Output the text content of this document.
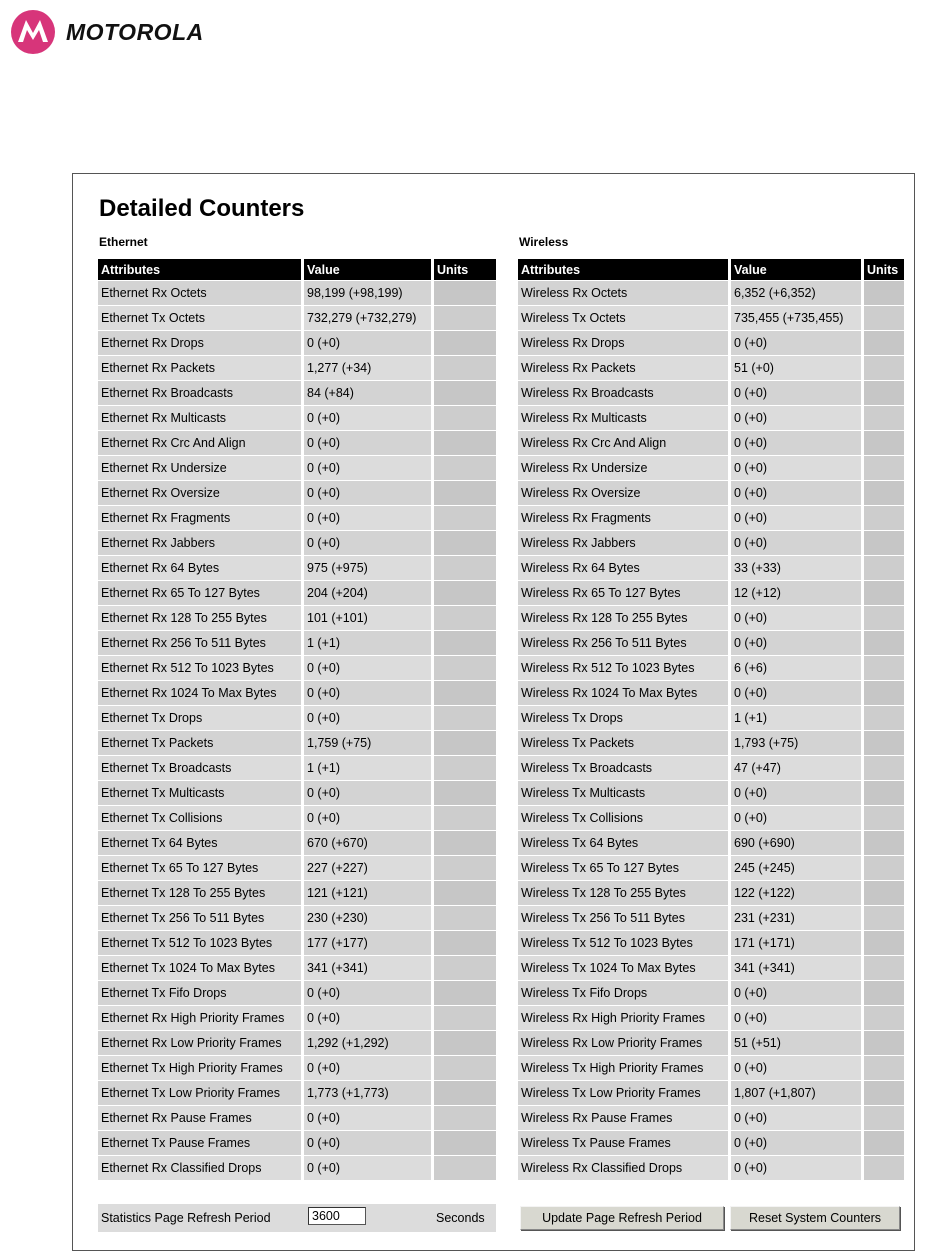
MOTOROLA
Detailed Counters
Ethernet	Wireless
Attributes	Value	Units
Ethernet Rx Octets	98,199 (+98,199)	
Ethernet Tx Octets	732,279 (+732,279)	
Ethernet Rx Drops	0 (+0)	
Ethernet Rx Packets	1,277 (+34)	
Ethernet Rx Broadcasts	84 (+84)	
Ethernet Rx Multicasts	0 (+0)	
Ethernet Rx Crc And Align	0 (+0)	
Ethernet Rx Undersize	0 (+0)	
Ethernet Rx Oversize	0 (+0)	
Ethernet Rx Fragments	0 (+0)	
Ethernet Rx Jabbers	0 (+0)	
Ethernet Rx 64 Bytes	975 (+975)	
Ethernet Rx 65 To 127 Bytes	204 (+204)	
Ethernet Rx 128 To 255 Bytes	101 (+101)	
Ethernet Rx 256 To 511 Bytes	1 (+1)	
Ethernet Rx 512 To 1023 Bytes	0 (+0)	
Ethernet Rx 1024 To Max Bytes	0 (+0)	
Ethernet Tx Drops	0 (+0)	
Ethernet Tx Packets	1,759 (+75)	
Ethernet Tx Broadcasts	1 (+1)	
Ethernet Tx Multicasts	0 (+0)	
Ethernet Tx Collisions	0 (+0)	
Ethernet Tx 64 Bytes	670 (+670)	
Ethernet Tx 65 To 127 Bytes	227 (+227)	
Ethernet Tx 128 To 255 Bytes	121 (+121)	
Ethernet Tx 256 To 511 Bytes	230 (+230)	
Ethernet Tx 512 To 1023 Bytes	177 (+177)	
Ethernet Tx 1024 To Max Bytes	341 (+341)	
Ethernet Tx Fifo Drops	0 (+0)	
Ethernet Rx High Priority Frames	0 (+0)	
Ethernet Rx Low Priority Frames	1,292 (+1,292)	
Ethernet Tx High Priority Frames	0 (+0)	
Ethernet Tx Low Priority Frames	1,773 (+1,773)	
Ethernet Rx Pause Frames	0 (+0)	
Ethernet Tx Pause Frames	0 (+0)	
Ethernet Rx Classified Drops	0 (+0)	
Attributes	Value	Units
Wireless Rx Octets	6,352 (+6,352)	
Wireless Tx Octets	735,455 (+735,455)	
Wireless Rx Drops	0 (+0)	
Wireless Rx Packets	51 (+0)	
Wireless Rx Broadcasts	0 (+0)	
Wireless Rx Multicasts	0 (+0)	
Wireless Rx Crc And Align	0 (+0)	
Wireless Rx Undersize	0 (+0)	
Wireless Rx Oversize	0 (+0)	
Wireless Rx Fragments	0 (+0)	
Wireless Rx Jabbers	0 (+0)	
Wireless Rx 64 Bytes	33 (+33)	
Wireless Rx 65 To 127 Bytes	12 (+12)	
Wireless Rx 128 To 255 Bytes	0 (+0)	
Wireless Rx 256 To 511 Bytes	0 (+0)	
Wireless Rx 512 To 1023 Bytes	6 (+6)	
Wireless Rx 1024 To Max Bytes	0 (+0)	
Wireless Tx Drops	1 (+1)	
Wireless Tx Packets	1,793 (+75)	
Wireless Tx Broadcasts	47 (+47)	
Wireless Tx Multicasts	0 (+0)	
Wireless Tx Collisions	0 (+0)	
Wireless Tx 64 Bytes	690 (+690)	
Wireless Tx 65 To 127 Bytes	245 (+245)	
Wireless Tx 128 To 255 Bytes	122 (+122)	
Wireless Tx 256 To 511 Bytes	231 (+231)	
Wireless Tx 512 To 1023 Bytes	171 (+171)	
Wireless Tx 1024 To Max Bytes	341 (+341)	
Wireless Tx Fifo Drops	0 (+0)	
Wireless Rx High Priority Frames	0 (+0)	
Wireless Rx Low Priority Frames	51 (+51)	
Wireless Tx High Priority Frames	0 (+0)	
Wireless Tx Low Priority Frames	1,807 (+1,807)	
Wireless Rx Pause Frames	0 (+0)	
Wireless Tx Pause Frames	0 (+0)	
Wireless Rx Classified Drops	0 (+0)	
Statistics Page Refresh Period
3600	Seconds	Update Page Refresh Period	Reset System Counters
